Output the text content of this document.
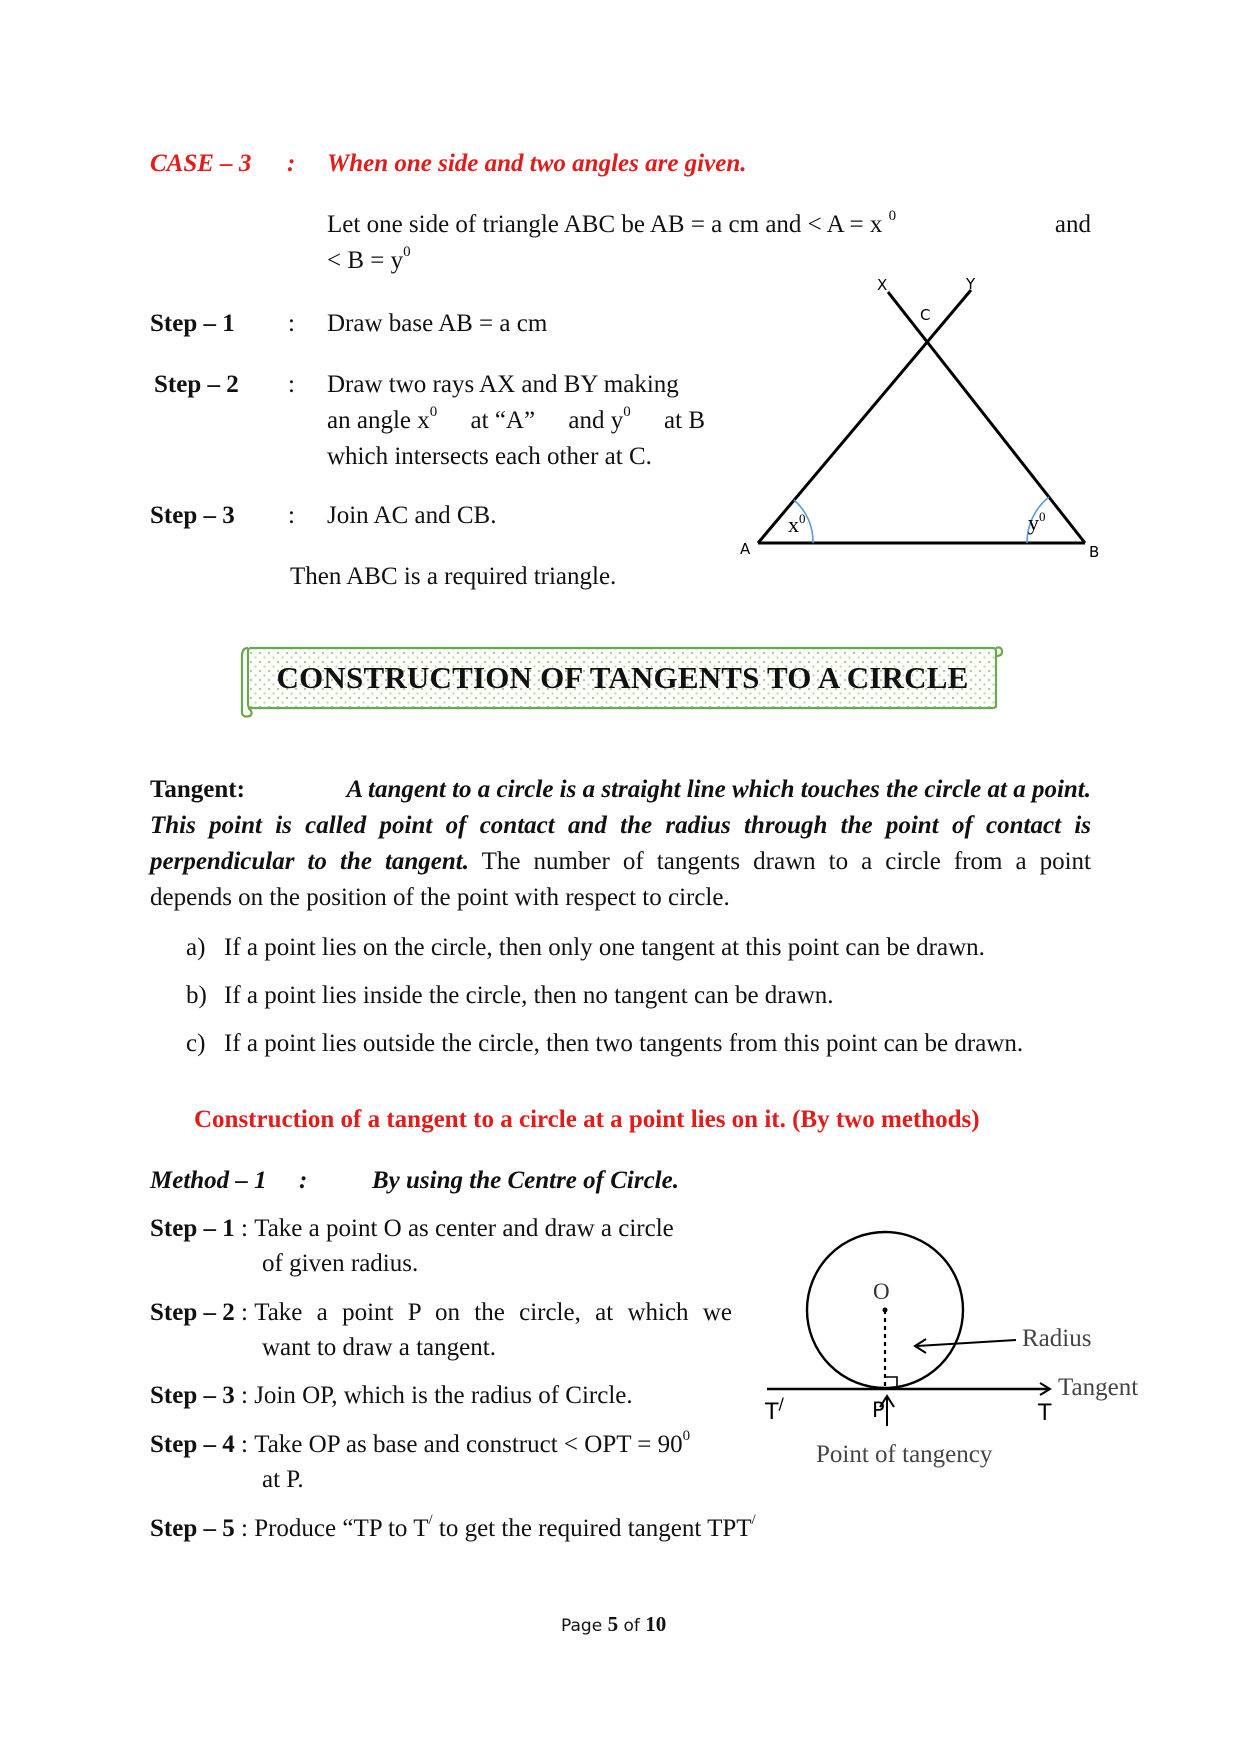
CASE – 3 : When one side and two angles are given.
Let one side of triangle ABC be AB = a cm and < A = x $^0$	and
< $B = y^0$
Step – 1 : Draw base AB = a cm
Step – 2 : Draw two rays AX and BY making
an angle $x^0$ at “A” and $y^0$ at B
which intersects each other at C.
Step – 3 : Join AC and CB.
Then ABC is a required triangle.
X	Y
C
A	B
$x^0$	$y^0$
CONSTRUCTION OF TANGENTS TO A CIRCLE
Tangent:	A tangent to a circle is a straight line which touches the circle at a point.
This point is called point of contact and the radius through the point of contact is
perpendicular to the tangent. The number of tangents drawn to a circle from a point
depends on the position of the point with respect to circle.
a) If a point lies on the circle, then only one tangent at this point can be drawn.
b) If a point lies inside the circle, then no tangent can be drawn.
c) If a point lies outside the circle, then two tangents from this point can be drawn.
Construction of a tangent to a circle at a point lies on it. (By two methods)
Method – 1 :	By using the Centre of Circle.
Step – 1 : Take a point O as center and draw a circle
of given radius.
Step – 2 : Take a point P on the circle, at which we
want to draw a tangent.
Step – 3 : Join OP, which is the radius of Circle.
Step – 4 : Take OP as base and construct < OPT = $90^0$
at P.
Step – 5 : Produce “TP to T/ to get the required tangent TPT/
O
Radius
Tangent
T/	P	T
Point of tangency
Page 5 of 10
